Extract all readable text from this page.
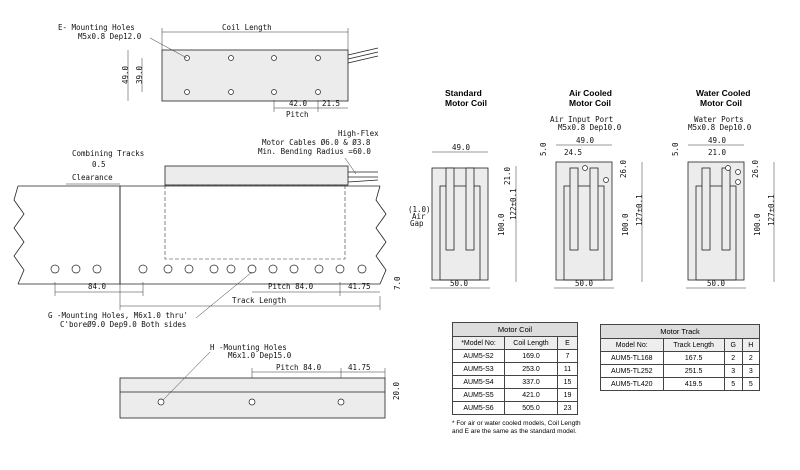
Coil Length
E- Mounting Holes
M5x0.8 Dep12.0
49.0 39.0
42.0 21.5
Pitch
Combining Tracks
0.5
Clearance
High-Flex
Motor Cables Ø6.0 & Ø3.8
Min. Bending Radius =60.0
84.0	Pitch 84.0	41.75	7.0
Track Length
G -Mounting Holes, M6x1.0 thru'
C'boreØ9.0 Dep9.0 Both sides
H -Mounting Holes
M6x1.0 Dep15.0
Pitch 84.0	41.75
20.0
Standard
Motor Coil
49.0
50.0
21.0
100.0
122±0.1
(1.0)
Air
Gap
Air Cooled
Motor Coil
Air Input Port
M5x0.8 Dep10.0
49.0
24.5
5.0
50.0
26.0
100.0 127±0.1
Water Cooled
Motor Coil
Water Ports
M5x0.8 Dep10.0
49.0
21.0
5.0
50.0
26.0
100.0 127±0.1
Motor Coil
*Model No:	Coil Length	E
AUM5-S2	169.0	7
AUM5-S3	253.0	11
AUM5-S4	337.0	15
AUM5-S5	421.0	19
AUM5-S6	505.0	23
* For air or water cooled models, Coil Length and E are the same as the standard model.
Motor Track
Model No:	Track Length	G	H
AUM5-TL168	167.5	2	2
AUM5-TL252	251.5	3	3
AUM5-TL420	419.5	5	5
